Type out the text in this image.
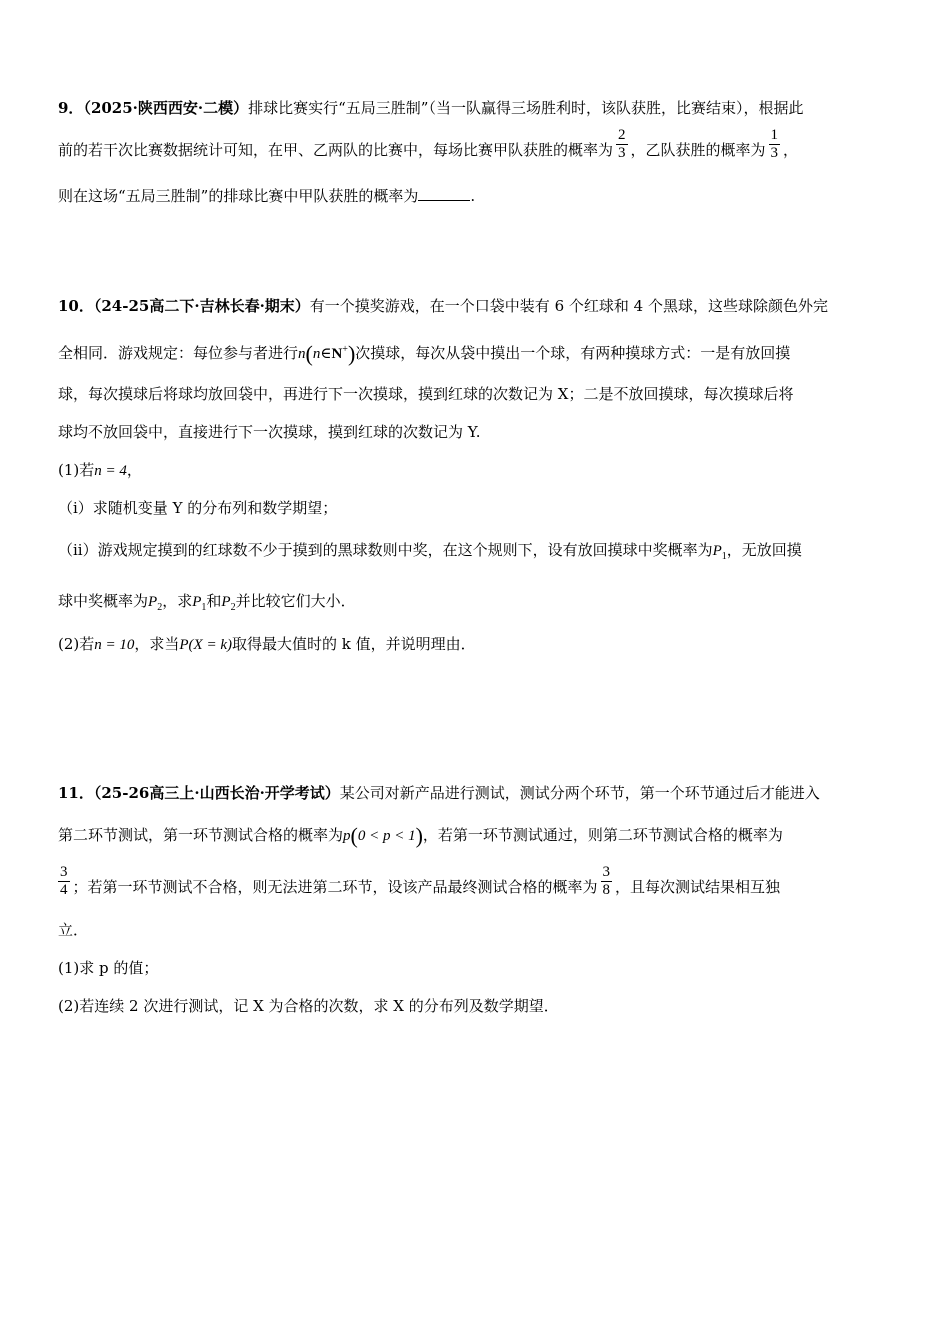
9．（2025·陕西西安·二模）排球比赛实行“五局三胜制”（当一队赢得三场胜利时，该队获胜，比赛结束），根据此
前的若干次比赛数据统计可知，在甲、乙两队的比赛中，每场比赛甲队获胜的概率为 $\frac{2}{3}$ ，乙队获胜的概率为 $\frac{1}{3}$ ，
则在这场“五局三胜制”的排球比赛中甲队获胜的概率为	.
10．（24-25高二下·吉林长春·期末）有一个摸奖游戏，在一个口袋中装有 6 个红球和 4 个黑球，这些球除颜色外完
全相同．游戏规定：每位参与者进行n(n∈N+)次摸球，每次从袋中摸出一个球，有两种摸球方式：一是有放回摸
球，每次摸球后将球均放回袋中，再进行下一次摸球，摸到红球的次数记为 X；二是不放回摸球，每次摸球后将
球均不放回袋中，直接进行下一次摸球，摸到红球的次数记为 Y.
(1)若n = 4，
（i）求随机变量 Y 的分布列和数学期望；
（ii）游戏规定摸到的红球数不少于摸到的黑球数则中奖，在这个规则下，设有放回摸球中奖概率为$P_1$，无放回摸
球中奖概率为$P_2$，求$P_1$和$P_2$并比较它们大小．
(2)若n = 10，求当P(X = k)取得最大值时的 k 值，并说明理由．
11．（25-26高三上·山西长治·开学考试）某公司对新产品进行测试，测试分两个环节，第一个环节通过后才能进入
第二环节测试，第一环节测试合格的概率为p(0 < p < 1)，若第一环节测试通过，则第二环节测试合格的概率为
$\frac{3}{4}$ ；若第一环节测试不合格，则无法进第二环节，设该产品最终测试合格的概率为 $\frac{3}{8}$ ，且每次测试结果相互独
立．
(1)求 p 的值；
(2)若连续 2 次进行测试，记 X 为合格的次数，求 X 的分布列及数学期望．
